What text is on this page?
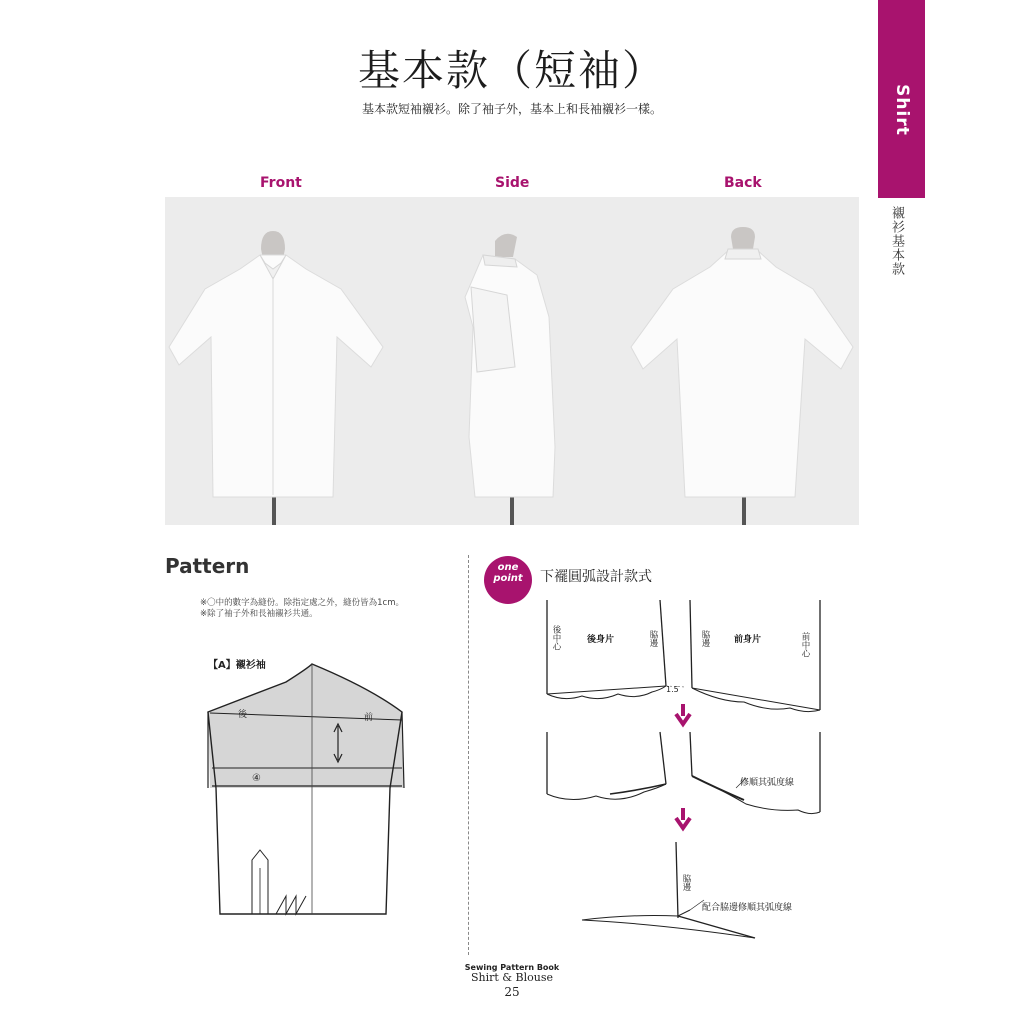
Shirt
襯衫基本款
基本款（短袖）
基本款短袖襯衫。除了袖子外，基本上和長袖襯衫一樣。
Front	Side	Back
Pattern
※〇中的數字為縫份。除指定處之外，縫份皆為1cm。
※除了袖子外和長袖襯衫共通。
【A】襯衫袖
後	前
④
one point	下襬圓弧設計款式
1.5
後中心	後身片	脇邊	脇邊	前身片	前中心
修順其弧度線
脇邊
配合脇邊修順其弧度線
Sewing Pattern Book
Shirt & Blouse
25
